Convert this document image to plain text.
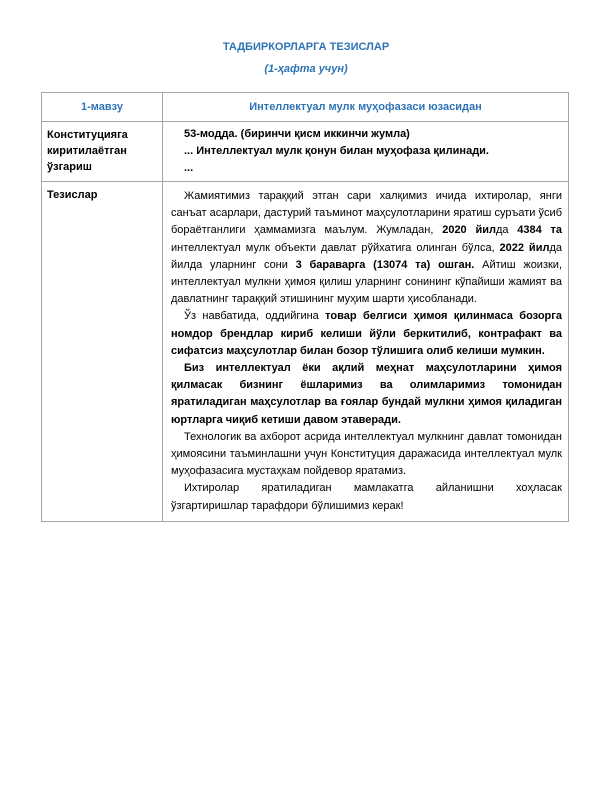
ТАДБИРКОРЛАРГА ТЕЗИСЛАР
(1-ҳафта учун)
1-мавзу	Интеллектуал мулк муҳофазаси юзасидан
Конституцияга киритилаётган ўзгариш	53-модда. (биринчи қисм иккинчи жумла)
... Интеллектуал мулк қонун билан муҳофаза қилинади.
...

Тезислар	Жамиятимиз тараққий этган сари халқимиз ичида ихтиролар, янги санъат асарлари, дастурий таъминот маҳсулотларини яратиш суръати ўсиб бораётганлиги ҳаммамизга маълум. Жумладан, 2020 йилда 4384 та интеллектуал мулк объекти давлат рўйхатига олинган бўлса, 2022 йилда йилда уларнинг сони 3 бараварга (13074 та) ошган. Айтиш жоизки, интеллектуал мулкни ҳимоя қилиш уларнинг сонининг кўпайиши жамият ва давлатнинг тараққий этишининг муҳим шарти ҳисобланади.

Ўз навбатида, оддийгина товар белгиси ҳимоя қилинмаса бозорга номдор брендлар кириб келиши йўли беркитилиб, контрафакт ва сифатсиз маҳсулотлар билан бозор тўлишига олиб келиши мумкин.

Биз интеллектуал ёки ақлий меҳнат маҳсулотларини ҳимоя қилмасак бизнинг ёшларимиз ва олимларимиз томонидан яратиладиган маҳсулотлар ва ғоялар бундай мулкни ҳимоя қиладиган юртларга чиқиб кетиши давом этаверади.

Технологик ва ахборот асрида интеллектуал мулкнинг давлат томонидан ҳимоясини таъминлашни учун Конституция даражасида интеллектуал мулк муҳофазасига мустаҳкам пойдевор яратамиз.

Ихтиролар яратиладиган мамлакатга айланишни хоҳласак ўзгартиришлар тарафдори бўлишимиз керак!
